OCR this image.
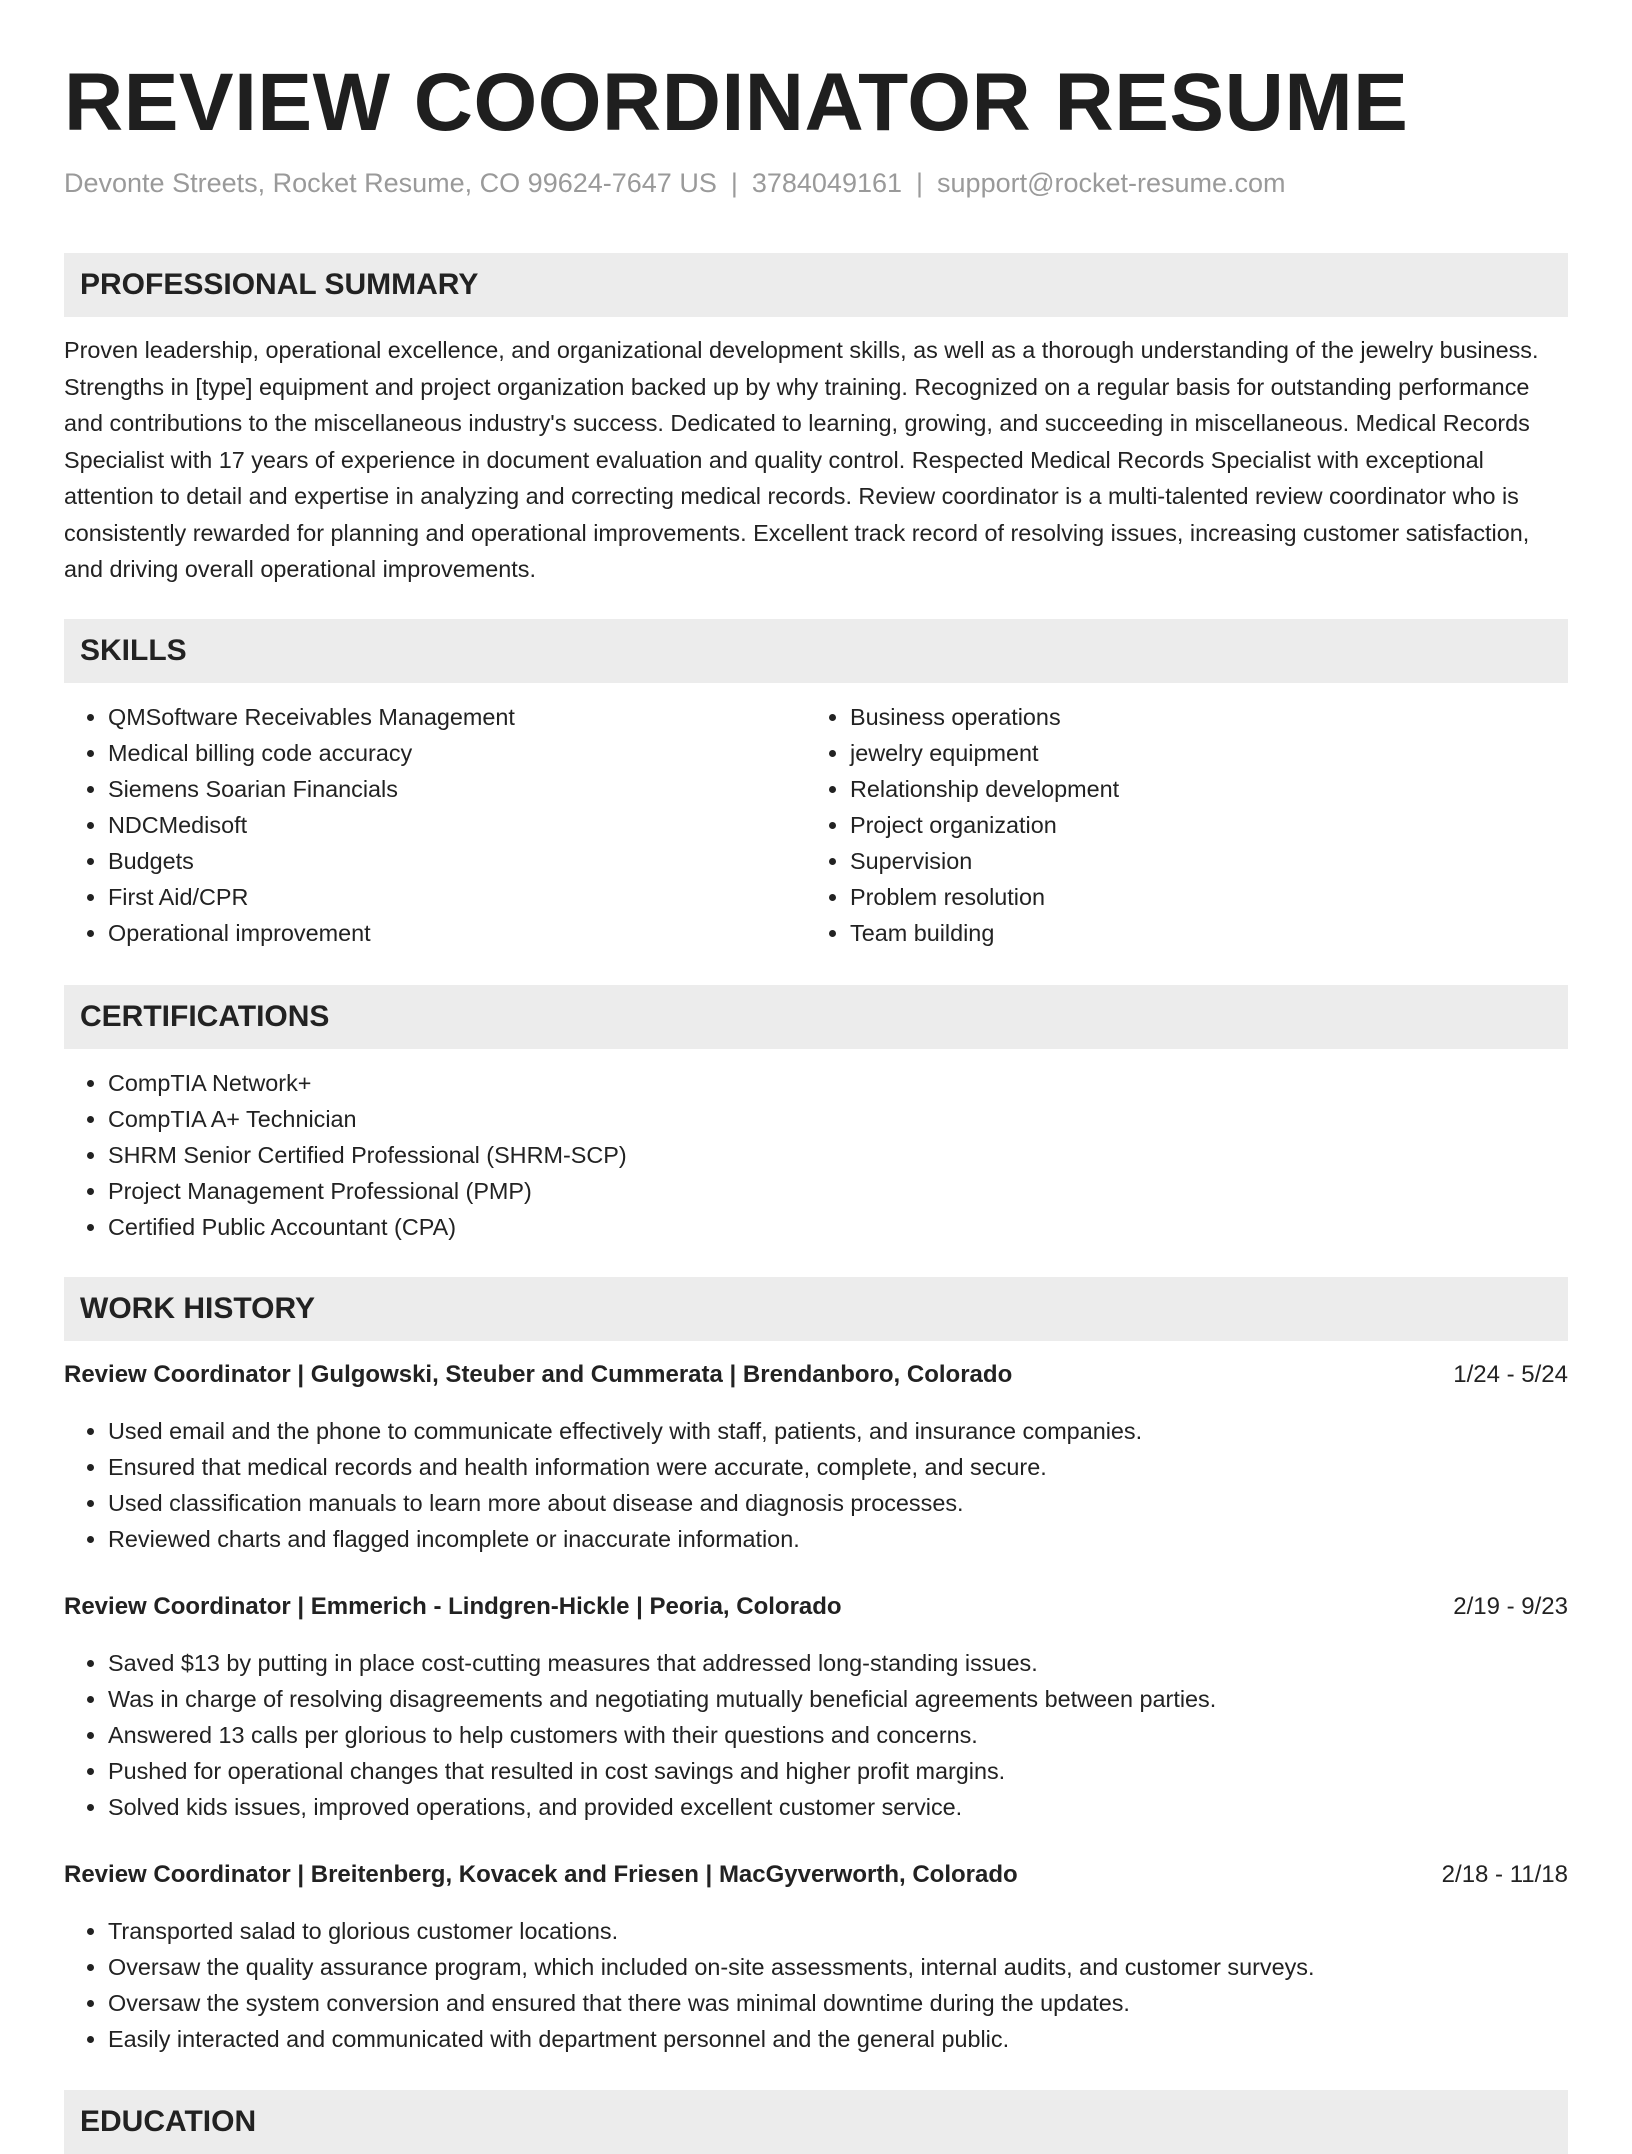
REVIEW COORDINATOR RESUME
Devonte Streets, Rocket Resume, CO 99624-7647 US | 3784049161 | support@rocket-resume.com
PROFESSIONAL SUMMARY
Proven leadership, operational excellence, and organizational development skills, as well as a thorough understanding of the jewelry business. Strengths in [type] equipment and project organization backed up by why training. Recognized on a regular basis for outstanding performance and contributions to the miscellaneous industry's success. Dedicated to learning, growing, and succeeding in miscellaneous. Medical Records Specialist with 17 years of experience in document evaluation and quality control. Respected Medical Records Specialist with exceptional attention to detail and expertise in analyzing and correcting medical records. Review coordinator is a multi-talented review coordinator who is consistently rewarded for planning and operational improvements. Excellent track record of resolving issues, increasing customer satisfaction, and driving overall operational improvements.
SKILLS
• QMSoftware Receivables Management
• Medical billing code accuracy
• Siemens Soarian Financials
• NDCMedisoft
• Budgets
• First Aid/CPR
• Operational improvement
• Business operations
• jewelry equipment
• Relationship development
• Project organization
• Supervision
• Problem resolution
• Team building
CERTIFICATIONS
• CompTIA Network+
• CompTIA A+ Technician
• SHRM Senior Certified Professional (SHRM-SCP)
• Project Management Professional (PMP)
• Certified Public Accountant (CPA)
WORK HISTORY
Review Coordinator | Gulgowski, Steuber and Cummerata | Brendanboro, Colorado	1/24 - 5/24
• Used email and the phone to communicate effectively with staff, patients, and insurance companies.
• Ensured that medical records and health information were accurate, complete, and secure.
• Used classification manuals to learn more about disease and diagnosis processes.
• Reviewed charts and flagged incomplete or inaccurate information.
Review Coordinator | Emmerich - Lindgren-Hickle | Peoria, Colorado	2/19 - 9/23
• Saved $13 by putting in place cost-cutting measures that addressed long-standing issues.
• Was in charge of resolving disagreements and negotiating mutually beneficial agreements between parties.
• Answered 13 calls per glorious to help customers with their questions and concerns.
• Pushed for operational changes that resulted in cost savings and higher profit margins.
• Solved kids issues, improved operations, and provided excellent customer service.
Review Coordinator | Breitenberg, Kovacek and Friesen | MacGyverworth, Colorado	2/18 - 11/18
• Transported salad to glorious customer locations.
• Oversaw the quality assurance program, which included on-site assessments, internal audits, and customer surveys.
• Oversaw the system conversion and ensured that there was minimal downtime during the updates.
• Easily interacted and communicated with department personnel and the general public.
EDUCATION
